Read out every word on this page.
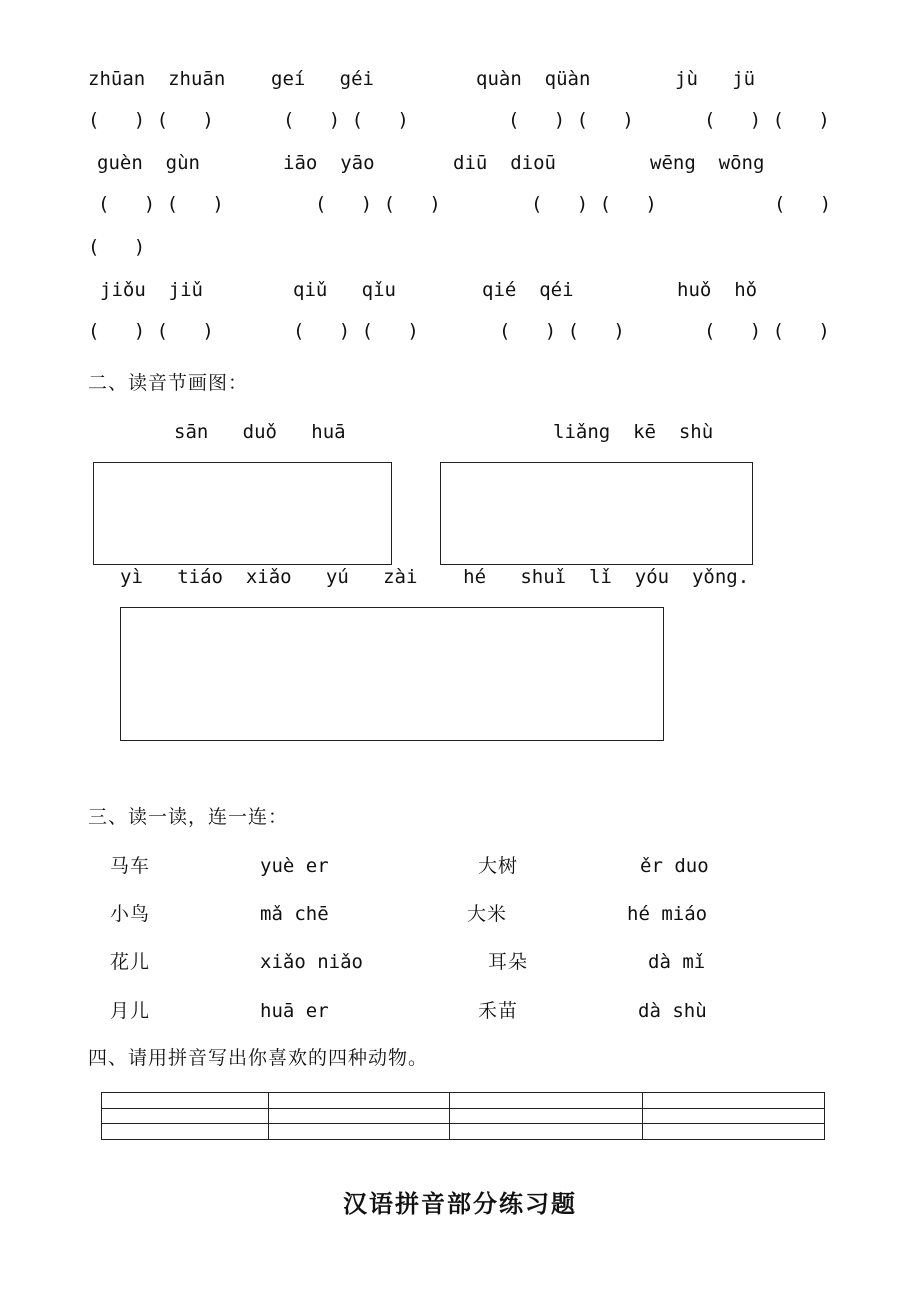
zhūan  zhuān geí   géi	quàn  qüàn	jù   jü
(   ) (   )	(   ) (   )	(   ) (   )	(   ) (   )
guèn  gùn	iāo  yāo	diū  dioū	wēng  wōng
(   ) (   )	(   ) (   )	(   ) (   )	(   )
(   )
jiǒu  jiǔ	qiǔ   qǐu	qié  qéi	huǒ  hǒ
(   ) (   )	(   ) (   )	(   ) (   )	(   ) (   )
二、读音节画图：
sān   duǒ   huā	liǎng  kē  shù
yì   tiáo  xiǎo   yú   zài    hé   shuǐ  lǐ  yóu  yǒng.
三、读一读，连一连：
马车	yuè er	大树	ěr duo
小鸟	mǎ chē	大米	hé miáo
花儿	xiǎo niǎo	耳朵	dà mǐ
月儿	huā er	禾苗	dà shù
四、请用拼音写出你喜欢的四种动物。

汉语拼音部分练习题
